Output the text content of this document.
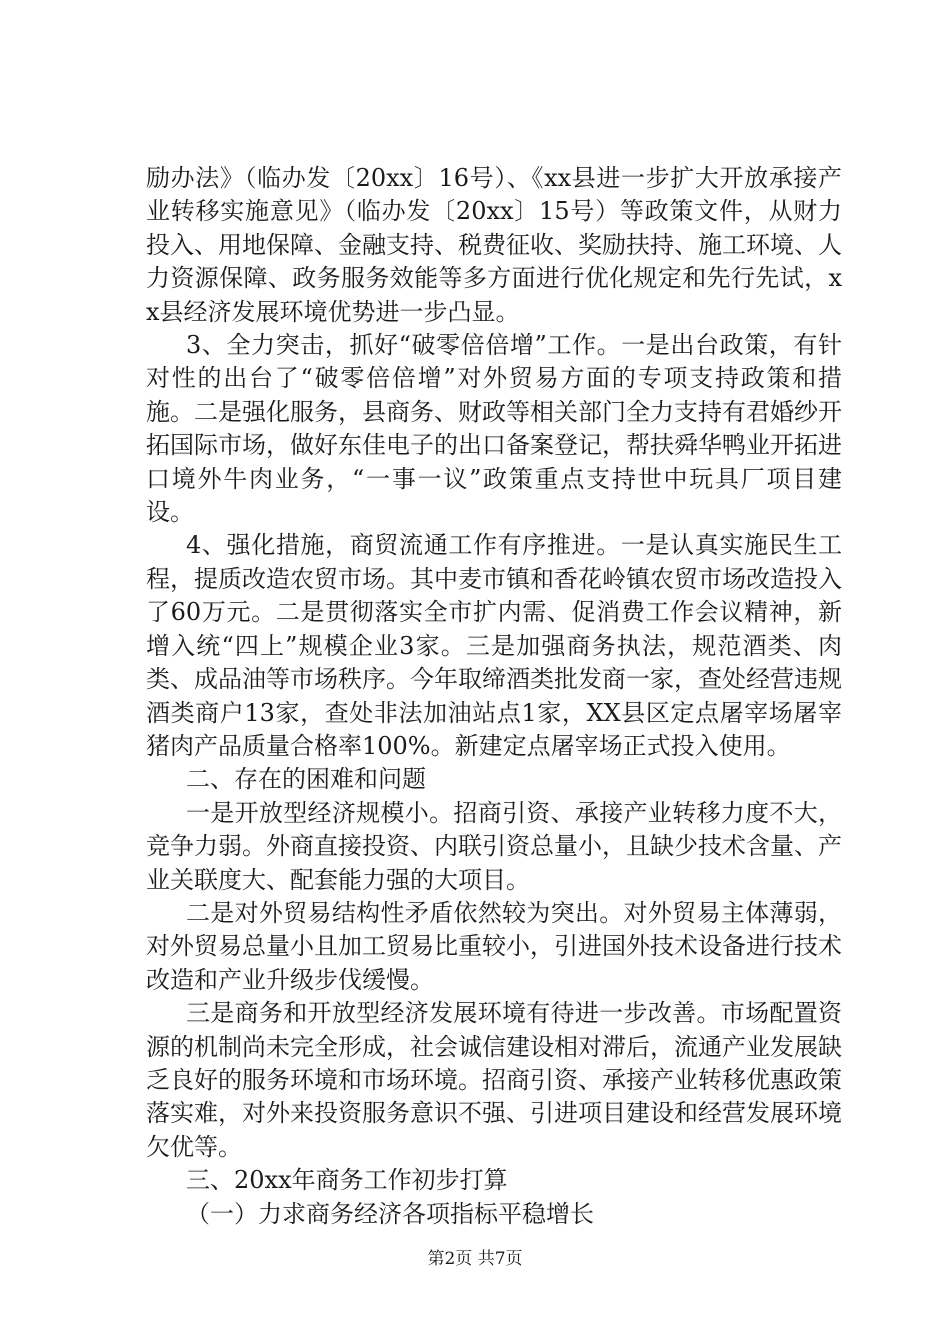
励办法》（临办发〔20xx〕16号）、《xx县进一步扩大开放承接产业转移实施意见》（临办发〔20xx〕15号）等政策文件，从财力投入、用地保障、金融支持、税费征收、奖励扶持、施工环境、人力资源保障、政务服务效能等多方面进行优化规定和先行先试，xx县经济发展环境优势进一步凸显。

3、全力突击，抓好“破零倍倍增”工作。一是出台政策，有针对性的出台了“破零倍倍增”对外贸易方面的专项支持政策和措施。二是强化服务，县商务、财政等相关部门全力支持有君婚纱开拓国际市场，做好东佳电子的出口备案登记，帮扶舜华鸭业开拓进口境外牛肉业务，“一事一议”政策重点支持世中玩具厂项目建设。

4、强化措施，商贸流通工作有序推进。一是认真实施民生工程，提质改造农贸市场。其中麦市镇和香花岭镇农贸市场改造投入了60万元。二是贯彻落实全市扩内需、促消费工作会议精神，新增入统“四上”规模企业3家。三是加强商务执法，规范酒类、肉类、成品油等市场秩序。今年取缔酒类批发商一家，查处经营违规酒类商户13家，查处非法加油站点1家，XX县区定点屠宰场屠宰猪肉产品质量合格率100%。新建定点屠宰场正式投入使用。

二、存在的困难和问题

一是开放型经济规模小。招商引资、承接产业转移力度不大，竞争力弱。外商直接投资、内联引资总量小，且缺少技术含量、产业关联度大、配套能力强的大项目。

二是对外贸易结构性矛盾依然较为突出。对外贸易主体薄弱，对外贸易总量小且加工贸易比重较小，引进国外技术设备进行技术改造和产业升级步伐缓慢。

三是商务和开放型经济发展环境有待进一步改善。市场配置资源的机制尚未完全形成，社会诚信建设相对滞后，流通产业发展缺乏良好的服务环境和市场环境。招商引资、承接产业转移优惠政策落实难，对外来投资服务意识不强、引进项目建设和经营发展环境欠优等。

三、20xx年商务工作初步打算

（一）力求商务经济各项指标平稳增长

第2页 共7页
